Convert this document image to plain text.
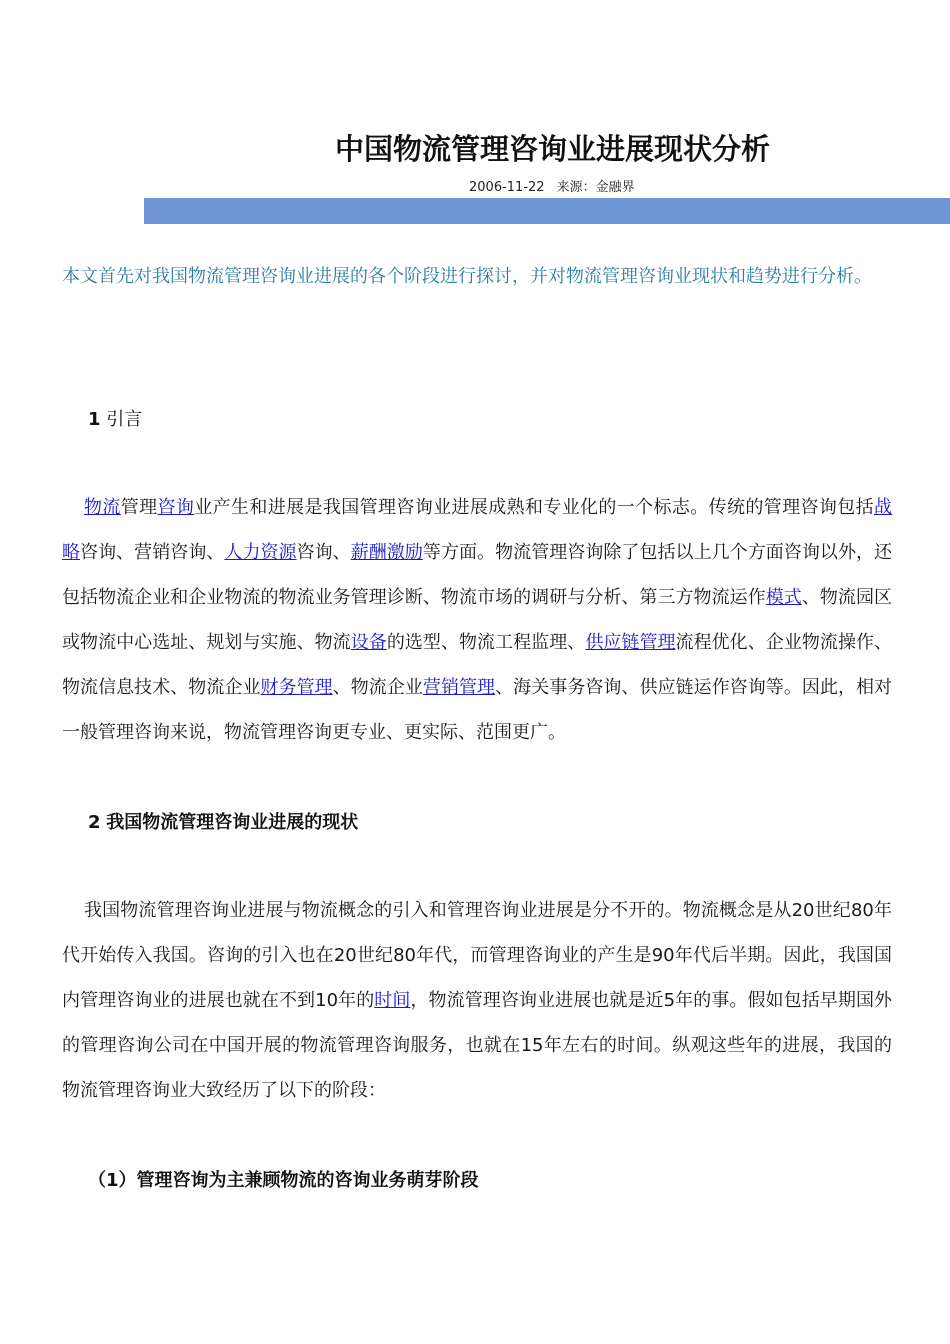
中国物流管理咨询业进展现状分析
2006-11-22 来源：金融界

本文首先对我国物流管理咨询业进展的各个阶段进行探讨，并对物流管理咨询业现状和趋势进行分析。

1 引言

物流管理咨询业产生和进展是我国管理咨询业进展成熟和专业化的一个标志。传统的管理咨询包括战略咨询、营销咨询、人力资源咨询、薪酬激励等方面。物流管理咨询除了包括以上几个方面咨询以外，还包括物流企业和企业物流的物流业务管理诊断、物流市场的调研与分析、第三方物流运作模式、物流园区或物流中心选址、规划与实施、物流设备的选型、物流工程监理、供应链管理流程优化、企业物流操作、物流信息技术、物流企业财务管理、物流企业营销管理、海关事务咨询、供应链运作咨询等。因此，相对一般管理咨询来说，物流管理咨询更专业、更实际、范围更广。

2 我国物流管理咨询业进展的现状

我国物流管理咨询业进展与物流概念的引入和管理咨询业进展是分不开的。物流概念是从20世纪80年代开始传入我国。咨询的引入也在20世纪80年代，而管理咨询业的产生是90年代后半期。因此，我国国内管理咨询业的进展也就在不到10年的时间，物流管理咨询业进展也就是近5年的事。假如包括早期国外的管理咨询公司在中国开展的物流管理咨询服务，也就在15年左右的时间。纵观这些年的进展，我国的物流管理咨询业大致经历了以下的阶段：

（1）管理咨询为主兼顾物流的咨询业务萌芽阶段
